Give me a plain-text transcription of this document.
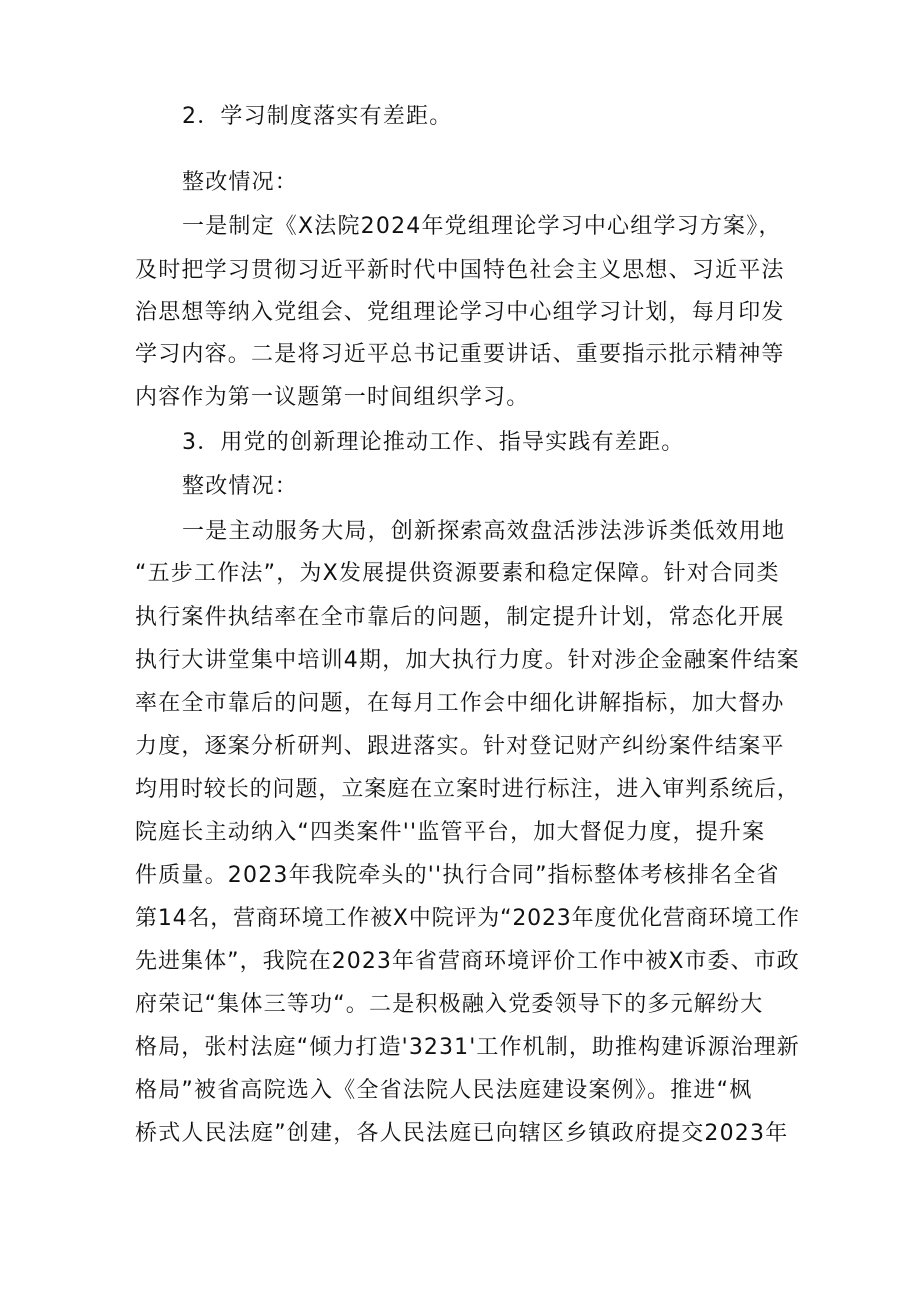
2．学习制度落实有差距。
整改情况：
一是制定《X法院2024年党组理论学习中心组学习方案》，
及时把学习贯彻习近平新时代中国特色社会主义思想、习近平法
治思想等纳入党组会、党组理论学习中心组学习计划，每月印发
学习内容。二是将习近平总书记重要讲话、重要指示批示精神等
内容作为第一议题第一时间组织学习。
3．用党的创新理论推动工作、指导实践有差距。
整改情况：
一是主动服务大局，创新探索高效盘活涉法涉诉类低效用地
“五步工作法”，为X发展提供资源要素和稳定保障。针对合同类
执行案件执结率在全市靠后的问题，制定提升计划，常态化开展
执行大讲堂集中培训4期，加大执行力度。针对涉企金融案件结案
率在全市靠后的问题，在每月工作会中细化讲解指标，加大督办
力度，逐案分析研判、跟进落实。针对登记财产纠纷案件结案平
均用时较长的问题，立案庭在立案时进行标注，进入审判系统后，
院庭长主动纳入“四类案件''监管平台，加大督促力度，提升案
件质量。2023年我院牵头的''执行合同”指标整体考核排名全省
第14名，营商环境工作被X中院评为“2023年度优化营商环境工作
先进集体”，我院在2023年省营商环境评价工作中被X市委、市政
府荣记“集体三等功“。二是积极融入党委领导下的多元解纷大
格局，张村法庭“倾力打造'3231'工作机制，助推构建诉源治理新
格局”被省高院选入《全省法院人民法庭建设案例》。推进“枫
桥式人民法庭”创建，各人民法庭已向辖区乡镇政府提交2023年
